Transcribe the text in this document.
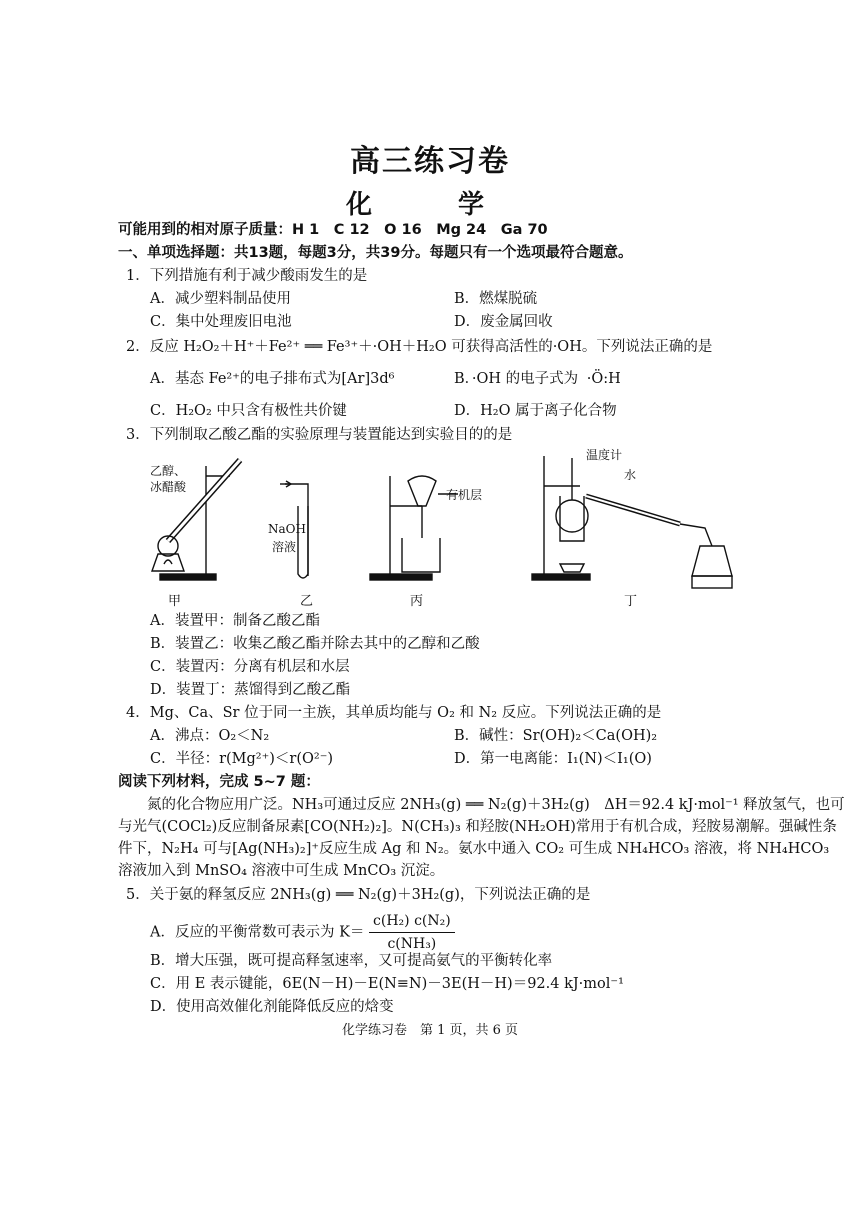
高三练习卷
化　学
可能用到的相对原子质量：H 1　C 12　O 16　Mg 24　Ga 70
一、单项选择题：共13题，每题3分，共39分。每题只有一个选项最符合题意。
1．下列措施有利于减少酸雨发生的是
A．减少塑料制品使用	B．燃煤脱硫
C．集中处理废旧电池	D．废金属回收
2．反应 H₂O₂＋H⁺＋Fe²⁺ ══ Fe³⁺＋·OH＋H₂O 可获得高活性的·OH。下列说法正确的是
A．基态 Fe²⁺的电子排布式为[Ar]3d⁶	B．·OH 的电子式为 ·Ö:H
C．H₂O₂ 中只含有极性共价键	D．H₂O 属于离子化合物
3．下列制取乙酸乙酯的实验原理与装置能达到实验目的的是
乙醇、
冰醋酸
NaOH
溶液
有机层
温度计
水
甲	乙	丙	丁
A．装置甲：制备乙酸乙酯
B．装置乙：收集乙酸乙酯并除去其中的乙醇和乙酸
C．装置丙：分离有机层和水层
D．装置丁：蒸馏得到乙酸乙酯
4．Mg、Ca、Sr 位于同一主族，其单质均能与 O₂ 和 N₂ 反应。下列说法正确的是
A．沸点：O₂＜N₂	B．碱性：Sr(OH)₂＜Ca(OH)₂
C．半径：r(Mg²⁺)＜r(O²⁻)	D．第一电离能：I₁(N)＜I₁(O)
阅读下列材料，完成 5~7 题：
氮的化合物应用广泛。NH₃可通过反应 2NH₃(g) ══ N₂(g)＋3H₂(g)　ΔH＝92.4 kJ·mol⁻¹ 释放氢气，也可与光气(COCl₂)反应制备尿素[CO(NH₂)₂]。N(CH₃)₃ 和羟胺(NH₂OH)常用于有机合成，羟胺易潮解。强碱性条件下，N₂H₄ 可与[Ag(NH₃)₂]⁺反应生成 Ag 和 N₂。氨水中通入 CO₂ 可生成 NH₄HCO₃ 溶液，将 NH₄HCO₃ 溶液加入到 MnSO₄ 溶液中可生成 MnCO₃ 沉淀。
5．关于氨的释氢反应 2NH₃(g) ══ N₂(g)＋3H₂(g)，下列说法正确的是
A．反应的平衡常数可表示为 $K= \frac{\text{c(H₂) c(N₂)}}{\text{c(NH₃)}}$
B．增大压强，既可提高释氢速率，又可提高氨气的平衡转化率
C．用 E 表示键能，6E(N－H)－E(N≡N)－3E(H－H)＝92.4 kJ·mol⁻¹
D．使用高效催化剂能降低反应的焓变
化学练习卷　第 1 页，共 6 页
